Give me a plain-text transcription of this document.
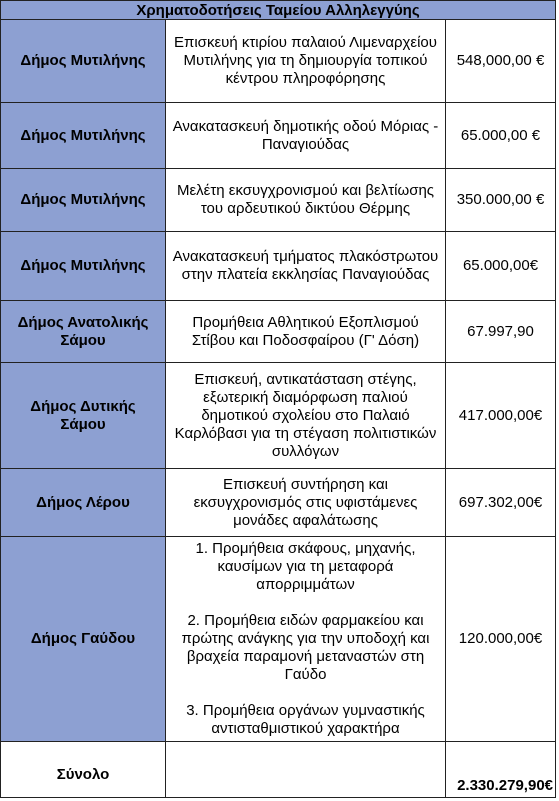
Χρηματοδοτήσεις Ταμείου Αλληλεγγύης		
Δήμος Μυτιλήνης	Επισκευή κτιρίου παλαιού Λιμεναρχείου Μυτιλήνης για τη δημιουργία τοπικού κέντρου πληροφόρησης	548,000,00 €
Δήμος Μυτιλήνης	Ανακατασκευή δημοτικής οδού Μόριας - Παναγιούδας	65.000,00 €
Δήμος Μυτιλήνης	Μελέτη εκσυγχρονισμού και βελτίωσης του αρδευτικού δικτύου Θέρμης	350.000,00 €
Δήμος Μυτιλήνης	Ανακατασκευή τμήματος πλακόστρωτου στην πλατεία εκκλησίας Παναγιούδας	65.000,00€
Δήμος Ανατολικής Σάμου	Προμήθεια Αθλητικού Εξοπλισμού Στίβου και Ποδοσφαίρου (Γ' Δόση)	67.997,90
Δήμος Δυτικής Σάμου	Επισκευή, αντικατάσταση στέγης, εξωτερική διαμόρφωση παλιού δημοτικού σχολείου στο Παλαιό Καρλόβασι για τη στέγαση πολιτιστικών συλλόγων	417.000,00€
Δήμος Λέρου	Επισκευή συντήρηση και εκσυγχρονισμός στις υφιστάμενες μονάδες αφαλάτωσης	697.302,00€
Δήμος Γαύδου	1. Προμήθεια σκάφους, μηχανής, καυσίμων για τη μεταφορά απορριμμάτων
2. Προμήθεια ειδών φαρμακείου και πρώτης ανάγκης για την υποδοχή και βραχεία παραμονή μεταναστών στη Γαύδο
3. Προμήθεια οργάνων γυμναστικής αντισταθμιστικού χαρακτήρα	120.000,00€
Σύνολο		2.330.279,90€
